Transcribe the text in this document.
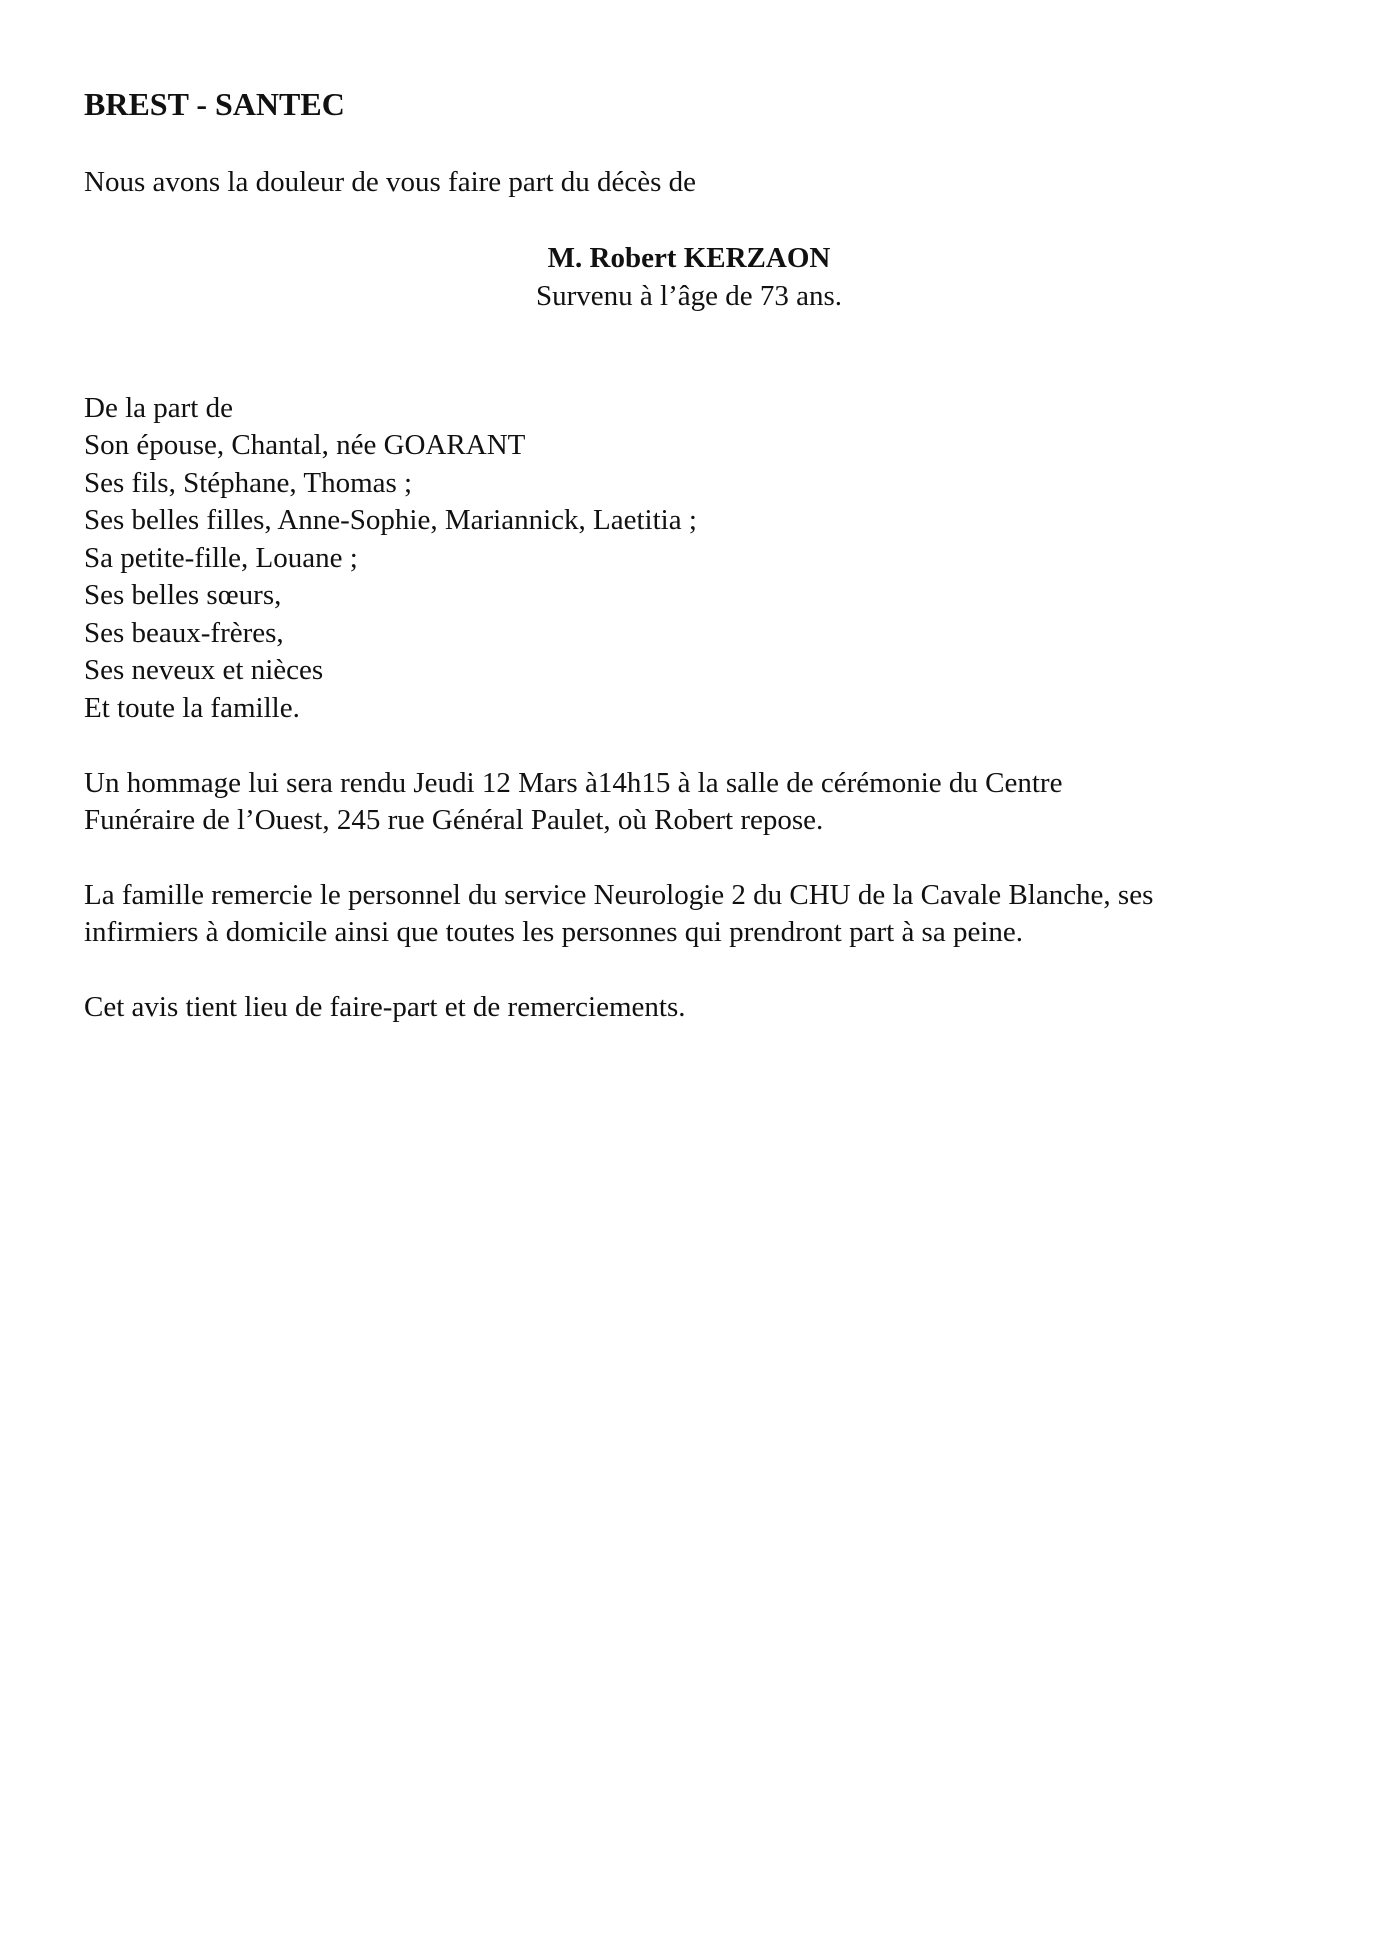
BREST - SANTEC

Nous avons la douleur de vous faire part du décès de

M. Robert KERZAON

Survenu à l’âge de 73 ans.

De la part de

Son épouse, Chantal, née GOARANT

Ses fils, Stéphane, Thomas ;

Ses belles filles, Anne-Sophie, Mariannick, Laetitia ;

Sa petite-fille, Louane ;

Ses belles sœurs,

Ses beaux-frères,

Ses neveux et nièces

Et toute la famille.

Un hommage lui sera rendu Jeudi 12 Mars à14h15 à la salle de cérémonie du Centre

Funéraire de l’Ouest, 245 rue Général Paulet, où Robert repose.

La famille remercie le personnel du service Neurologie 2 du CHU de la Cavale Blanche, ses

infirmiers à domicile ainsi que toutes les personnes qui prendront part à sa peine.

Cet avis tient lieu de faire-part et de remerciements.
